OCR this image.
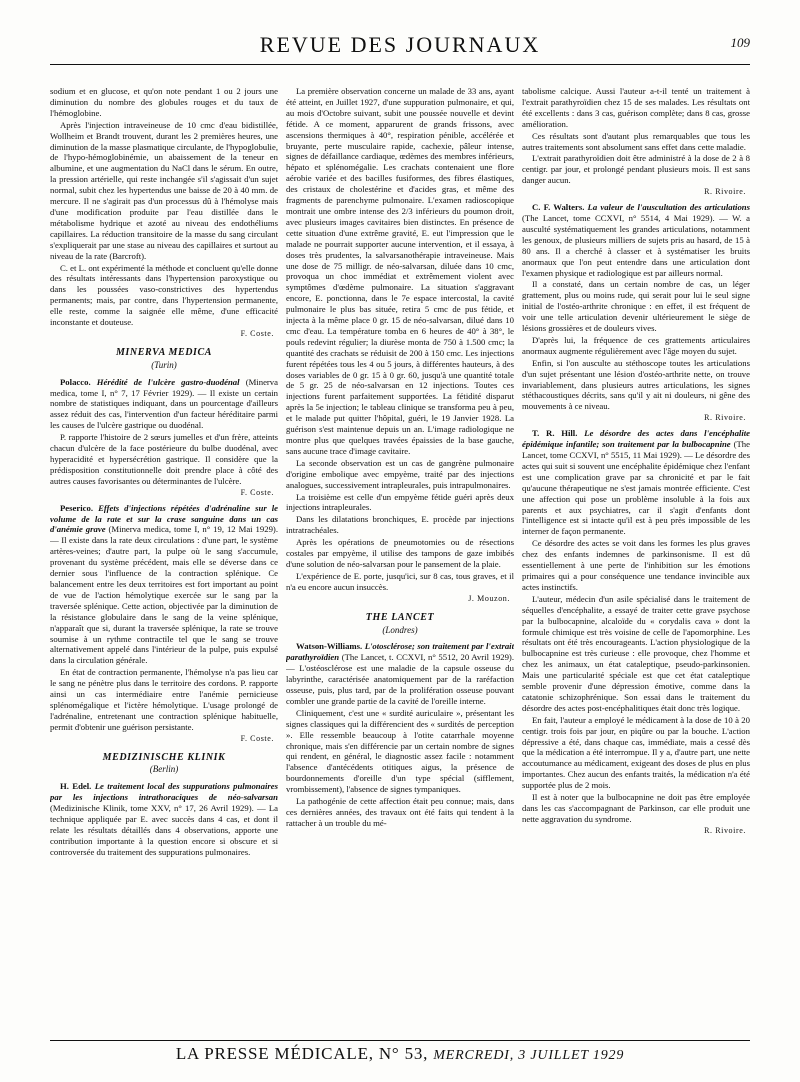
REVUE DES JOURNAUX	109

sodium et en glucose, et qu'on note pendant 1 ou 2 jours une diminution du nombre des globules rouges et du taux de l'hémoglobine.

Après l'injection intraveineuse de 10 cmc d'eau bidistillée, Wollheim et Brandt trouvent, durant les 2 premières heures, une diminution de la masse plasmatique circulante, de l'hypoglobulie, de l'hypo-hémoglobinémie, un abaissement de la teneur en albumine, et une augmentation du NaCl dans le sérum. En outre, la pression artérielle, qui reste inchangée s'il s'agissait d'un sujet normal, subit chez les hypertendus une baisse de 20 à 40 mm. de mercure. Il ne s'agirait pas d'un processus dû à l'hémolyse mais d'une modification produite par l'eau distillée dans le métabolisme hydrique et azoté au niveau des endothéliums capillaires. La réduction transitoire de la masse du sang circulant s'expliquerait par une stase au niveau des capillaires et surtout au niveau de la rate (Barcroft).

C. et L. ont expérimenté la méthode et concluent qu'elle donne des résultats intéressants dans l'hypertension paroxystique ou dans les poussées vaso-constrictives des hypertendus permanents; mais, par contre, dans l'hypertension permanente, elle reste, comme la saignée elle même, d'une efficacité inconstante et douteuse.

F. Coste.
MINERVA MEDICA
(Turin)

Polacco. Hérédité de l'ulcère gastro-duodénal (Minerva medica, tome I, n° 7, 17 Février 1929). — Il existe un certain nombre de statistiques indiquant, dans un pourcentage d'ailleurs assez réduit des cas, l'intervention d'un facteur héréditaire parmi les causes de l'ulcère gastrique ou duodénal.

P. rapporte l'histoire de 2 sœurs jumelles et d'un frère, atteints chacun d'ulcère de la face postérieure du bulbe duodénal, avec hyperacidité et hypersécrétion gastrique. Il considère que la prédisposition constitutionnelle doit prendre place à côté des autres causes favorisantes ou déterminantes de l'ulcère.

F. Coste.

Pesericо. Effets d'injections répétées d'adrénaline sur le volume de la rate et sur la crase sanguine dans un cas d'anémie grave (Minerva medica, tome I, n° 19, 12 Mai 1929). — Il existe dans la rate deux circulations : d'une part, le système artères-veines; d'autre part, la pulpe où le sang s'accumule, provenant du système précédent, mais elle se déverse dans ce dernier sous l'influence de la contraction splénique. Ce balancement entre les deux territoires est fort important au point de vue de l'action hémolytique exercée sur le sang par la traversée splénique. Cette action, objectivée par la diminution de la résistance globulaire dans le sang de la veine splénique, n'apparaît que si, durant la traversée splénique, la rate se trouve soumise à un rythme contractile tel que le sang se trouve alternativement appelé dans l'intérieur de la pulpe, puis expulsé dans la circulation générale.

En état de contraction permanente, l'hémolyse n'a pas lieu car le sang ne pénètre plus dans le territoire des cordons. P. rapporte ainsi un cas intermédiaire entre l'anémie pernicieuse splénomégalique et l'ictère hémolytique. L'usage prolongé de l'adrénaline, entretenant une contraction splénique habituelle, permit d'obtenir une guérison persistante.

F. Coste.
MEDIZINISCHE KLINIK
(Berlin)

H. Edel. Le traitement local des suppurations pulmonaires par les injections intrathoraciques de néo-salvarsan (Medizinische Klinik, tome XXV, n° 17, 26 Avril 1929). — La technique appliquée par E. avec succès dans 4 cas, et dont il relate les résultats détaillés dans 4 observations, apporte une contribution importante à la question encore si obscure et si controversée du traitement des suppurations pulmonaires.

La première observation concerne un malade de 33 ans, ayant été atteint, en Juillet 1927, d'une suppuration pulmonaire, et qui, au mois d'Octobre suivant, subit une poussée nouvelle et devint fétide. A ce moment, apparurent de grands frissons, avec ascensions thermiques à 40°, respiration pénible, accélérée et bruyante, perte musculaire rapide, cachexie, pâleur intense, signes de défaillance cardiaque, œdèmes des membres inférieurs, hépato et splénomégalie. Les crachats contenaient une flore aérobie variée et des bacilles fusiformes, des fibres élastiques, des cristaux de cholestérine et d'acides gras, et même des fragments de parenchyme pulmonaire. L'examen radioscopique montrait une ombre intense des 2/3 inférieurs du poumon droit, avec plusieurs images cavitaires bien distinctes. En présence de cette situation d'une extrême gravité, E. eut l'impression que le malade ne pourrait supporter aucune intervention, et il essaya, à doses très prudentes, la salvarsanothérapie intraveineuse. Mais une dose de 75 milligr. de néo-salvarsan, diluée dans 10 cmc, provoqua un choc immédiat et extrêmement violent avec symptômes d'œdème pulmonaire. La situation s'aggravant encore, E. ponctionna, dans le 7e espace intercostal, la cavité pulmonaire le plus bas située, retira 5 cmc de pus fétide, et injecta à la même place 0 gr. 15 de néo-salvarsan, dilué dans 10 cmc d'eau. La température tomba en 6 heures de 40° à 38°, le pouls redevint régulier; la diurèse monta de 750 à 1.500 cmc; la quantité des crachats se réduisit de 200 à 150 cmc. Les injections furent répétées tous les 4 ou 5 jours, à différentes hauteurs, à des doses variables de 0 gr. 15 à 0 gr. 60, jusqu'à une quantité totale de 5 gr. 25 de néo-salvarsan en 12 injections. Toutes ces injections furent parfaitement supportées. La fétidité disparut après la 5e injection; le tableau clinique se transforma peu à peu, et le malade put quitter l'hôpital, guéri, le 19 Janvier 1928. La guérison s'est maintenue depuis un an. L'image radiologique ne montre plus que quelques travées épaissies de la base gauche, sans aucune trace d'image cavitaire.

La seconde observation est un cas de gangrène pulmonaire d'origine embolique avec empyème, traité par des injections analogues, successivement intrapleurales, puis intrapulmonaires.

La troisième est celle d'un empyème fétide guéri après deux injections intrapleurales.

Dans les dilatations bronchiques, E. procède par injections intratrachéales.

Après les opérations de pneumotomies ou de résections costales par empyème, il utilise des tampons de gaze imbibés d'une solution de néo-salvarsan pour le pansement de la plaie.

L'expérience de E. porte, jusqu'ici, sur 8 cas, tous graves, et il n'a eu encore aucun insuccès.

J. Mouzon.
THE LANCET
(Londres)

Watson-Williams. L'otosclérose; son traitement par l'extrait parathyroïdien (The Lancet, t. CCXVI, n° 5512, 20 Avril 1929). — L'ostéosclérose est une maladie de la capsule osseuse du labyrinthe, caractérisée anatomiquement par de la raréfaction osseuse, puis, plus tard, par de la prolifération osseuse pouvant combler une grande partie de la cavité de l'oreille interne.

Cliniquement, c'est une « surdité auriculaire », présentant les signes classiques qui la différencient des « surdités de perception ». Elle ressemble beaucoup à l'otite catarrhale moyenne chronique, mais s'en différencie par un certain nombre de signes qui rendent, en général, le diagnostic assez facile : notamment l'absence d'antécédents otitiques aigus, la présence de bourdonnements d'oreille d'un type spécial (sifflement, vrombissement), l'absence de signes tympaniques.

La pathogénie de cette affection était peu connue; mais, dans ces dernières années, des travaux ont été faits qui tendent à la rattacher à un trouble du mé-

tabolisme calcique. Aussi l'auteur a-t-il tenté un traitement à l'extrait parathyroïdien chez 15 de ses malades. Les résultats ont été excellents : dans 3 cas, guérison complète; dans 8 cas, grosse amélioration.

Ces résultats sont d'autant plus remarquables que tous les autres traitements sont absolument sans effet dans cette maladie.

L'extrait parathyroïdien doit être administré à la dose de 2 à 8 centigr. par jour, et prolongé pendant plusieurs mois. Il est sans danger aucun.

R. Rivoire.

C. F. Walters. La valeur de l'auscultation des articulations (The Lancet, tome CCXVI, n° 5514, 4 Mai 1929). — W. a ausculté systématiquement les grandes articulations, notamment les genoux, de plusieurs milliers de sujets pris au hasard, de 15 à 80 ans. Il a cherché à classer et à systématiser les bruits anormaux que l'on peut entendre dans une articulation dont l'examen physique et radiologique est par ailleurs normal.

Il a constaté, dans un certain nombre de cas, un léger grattement, plus ou moins rude, qui serait pour lui le seul signe initial de l'ostéo-arthrite chronique : en effet, il est fréquent de voir une telle articulation devenir ultérieurement le siège de lésions grossières et de douleurs vives.

D'après lui, la fréquence de ces grattements articulaires anormaux augmente régulièrement avec l'âge moyen du sujet.

Enfin, si l'on ausculte au stéthoscope toutes les articulations d'un sujet présentant une lésion d'ostéo-arthrite nette, on trouve invariablement, dans plusieurs autres articulations, les signes stéthacoustiques décrits, sans qu'il y ait ni douleurs, ni gêne des mouvements à ce niveau.

R. Rivoire.

T. R. Hill. Le désordre des actes dans l'encéphalite épidémique infantile; son traitement par la bulbocapnine (The Lancet, tome CCXVI, n° 5515, 11 Mai 1929). — Le désordre des actes qui suit si souvent une encéphalite épidémique chez l'enfant est une complication grave par sa chronicité et par le fait qu'aucune thérapeutique ne s'est jamais montrée efficiente. C'est une affection qui pose un problème insoluble à la fois aux parents et aux psychiatres, car il s'agit d'enfants dont l'intelligence est si intacte qu'il est à peu près impossible de les interner de façon permanente.

Ce désordre des actes se voit dans les formes les plus graves chez des enfants indemnes de parkinsonisme. Il est dû essentiellement à une perte de l'inhibition sur les émotions primaires qui a pour conséquence une tendance invincible aux actes instinctifs.

L'auteur, médecin d'un asile spécialisé dans le traitement de séquelles d'encéphalite, a essayé de traiter cette grave psychose par la bulbocapnine, alcaloïde du « corydalis cava » dont la formule chimique est très voisine de celle de l'apomorphine. Les résultats ont été très encourageants. L'action physiologique de la bulbocapnine est très curieuse : elle provoque, chez l'homme et chez les animaux, un état cataleptique, pseudo-parkinsonien. Mais une particularité spéciale est que cet état cataleptique semble provenir d'une dépression émotive, comme dans la catatonie schizophrénique. Son essai dans le traitement du désordre des actes post-encéphalitiques était donc très logique.

En fait, l'auteur a employé le médicament à la dose de 10 à 20 centigr. trois fois par jour, en piqûre ou par la bouche. L'action dépressive a été, dans chaque cas, immédiate, mais a cessé dès que la médication a été interrompue. Il y a, d'autre part, une nette accoutumance au médicament, exigeant des doses de plus en plus importantes. Chez aucun des enfants traités, la médication n'a été supportée plus de 2 mois.

Il est à noter que la bulbocapnine ne doit pas être employée dans les cas s'accompagnant de Parkinson, car elle produit une nette aggravation du syndrome.

R. Rivoire.
LA PRESSE MÉDICALE, N° 53, MERCREDI, 3 JUILLET 1929
